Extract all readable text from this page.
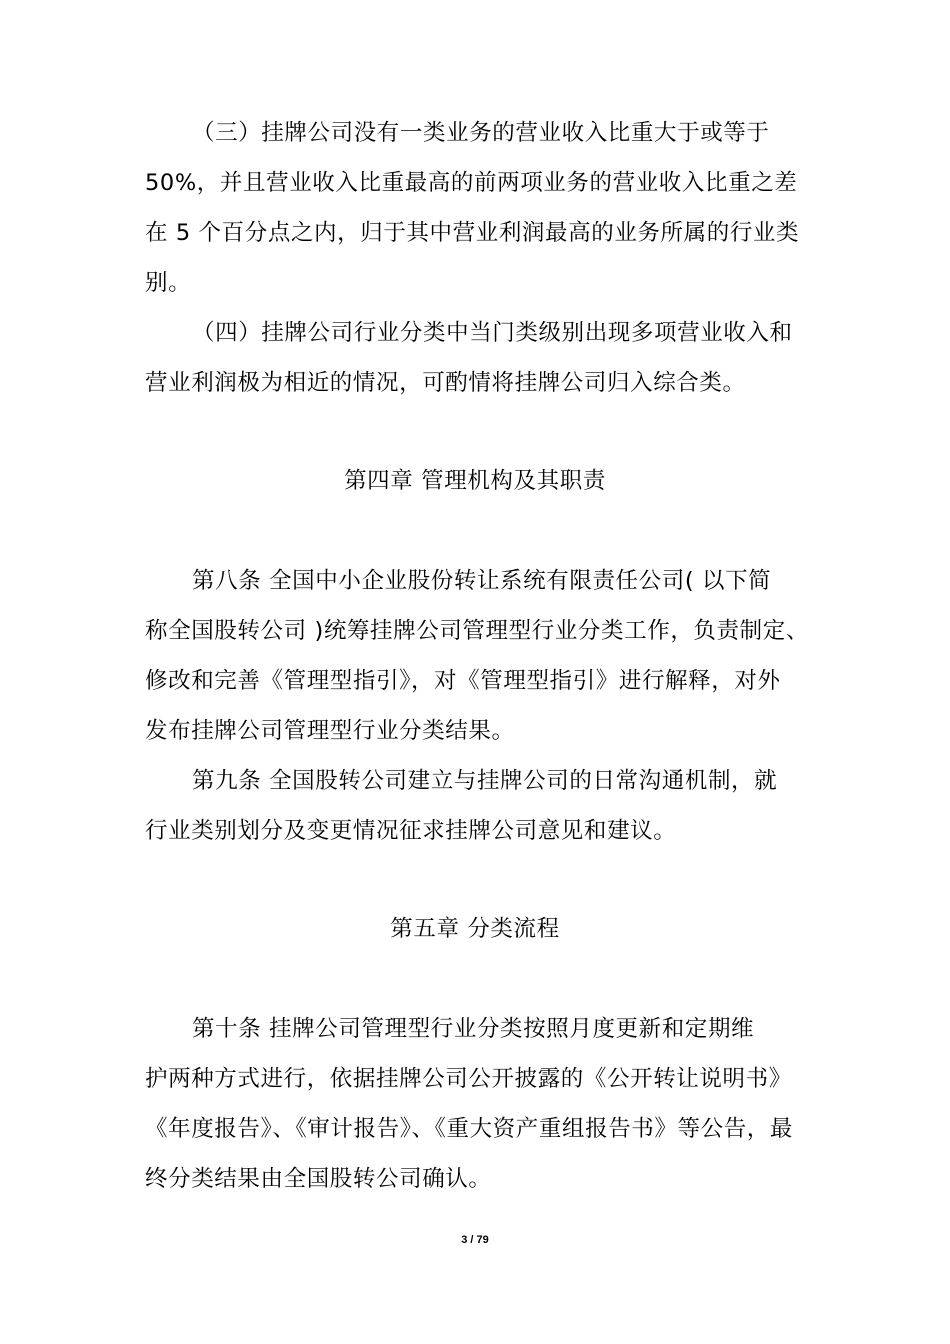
（三）挂牌公司没有一类业务的营业收入比重大于或等于
50%，并且营业收入比重最高的前两项业务的营业收入比重之差
在 5 个百分点之内，归于其中营业利润最高的业务所属的行业类
别。
（四）挂牌公司行业分类中当门类级别出现多项营业收入和
营业利润极为相近的情况，可酌情将挂牌公司归入综合类。
第四章 管理机构及其职责
第八条 全国中小企业股份转让系统有限责任公司( 以下简
称全国股转公司 )统筹挂牌公司管理型行业分类工作，负责制定、
修改和完善《管理型指引》，对《管理型指引》进行解释，对外
发布挂牌公司管理型行业分类结果。
第九条 全国股转公司建立与挂牌公司的日常沟通机制，就
行业类别划分及变更情况征求挂牌公司意见和建议。
第五章 分类流程
第十条 挂牌公司管理型行业分类按照月度更新和定期维
护两种方式进行，依据挂牌公司公开披露的《公开转让说明书》
《年度报告》、《审计报告》、《重大资产重组报告书》等公告，最
终分类结果由全国股转公司确认。
3 / 79
